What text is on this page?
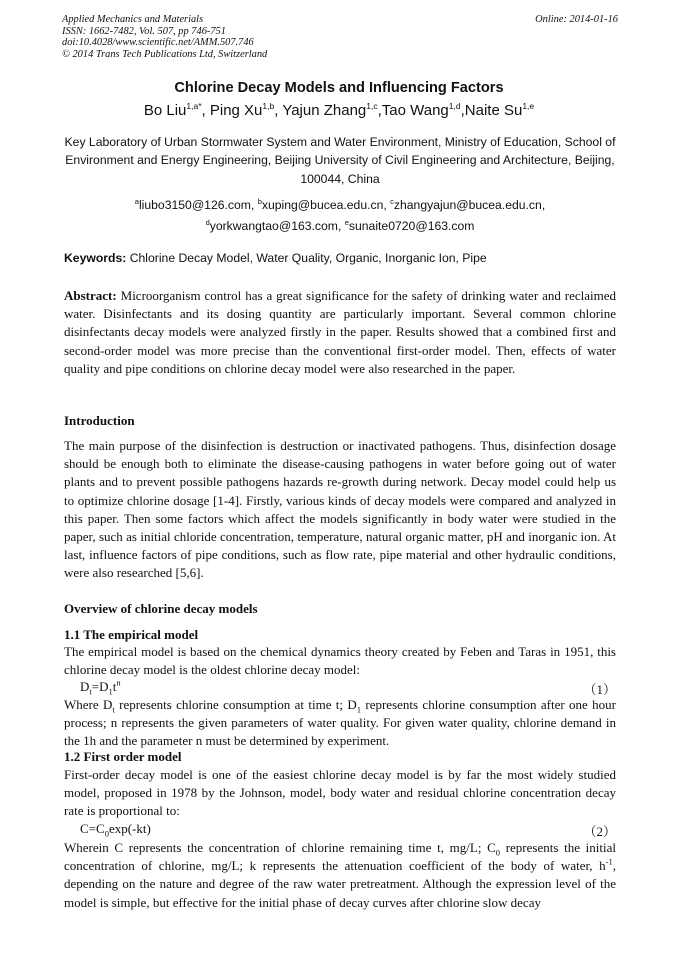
Applied Mechanics and Materials
ISSN: 1662-7482, Vol. 507, pp 746-751
doi:10.4028/www.scientific.net/AMM.507.746
© 2014 Trans Tech Publications Ltd, Switzerland
Online: 2014-01-16
Chlorine Decay Models and Influencing Factors
Bo Liu$^{1,a*}$, Ping Xu$^{1,b}$, Yajun Zhang$^{1,c}$,Tao Wang$^{1,d}$,Naite Su$^{1,e}$
Key Laboratory of Urban Stormwater System and Water Environment, Ministry of Education, School of Environment and Energy Engineering, Beijing University of Civil Engineering and Architecture, Beijing, 100044, China
$^a$liubo3150@126.com, $^b$xuping@bucea.edu.cn, $^c$zhangyajun@bucea.edu.cn,
$^d$yorkwangtao@163.com, $^e$sunaite0720@163.com
Keywords: Chlorine Decay Model, Water Quality, Organic, Inorganic Ion, Pipe
Abstract: Microorganism control has a great significance for the safety of drinking water and reclaimed water. Disinfectants and its dosing quantity are particularly important. Several common chlorine disinfectants decay models were analyzed firstly in the paper. Results showed that a combined first and second-order model was more precise than the conventional first-order model. Then, effects of water quality and pipe conditions on chlorine decay model were also researched in the paper.
Introduction
The main purpose of the disinfection is destruction or inactivated pathogens. Thus, disinfection dosage should be enough both to eliminate the disease-causing pathogens in water before going out of water plants and to prevent possible pathogens hazards re-growth during network. Decay model could help us to optimize chlorine dosage [1-4]. Firstly, various kinds of decay models were compared and analyzed in this paper. Then some factors which affect the models significantly in body water were studied in the paper, such as initial chloride concentration, temperature, natural organic matter, pH and inorganic ion. At last, influence factors of pipe conditions, such as flow rate, pipe material and other hydraulic conditions, were also researched [5,6].
Overview of chlorine decay models
1.1 The empirical model
The empirical model is based on the chemical dynamics theory created by Feben and Taras in 1951, this chlorine decay model is the oldest chlorine decay model:
$D_t=D_1t^n$	（1）
Where $D_t$ represents chlorine consumption at time t; $D_1$ represents chlorine consumption after one hour process; n represents the given parameters of water quality. For given water quality, chlorine demand in the 1h and the parameter n must be determined by experiment.
1.2 First order model
First-order decay model is one of the easiest chlorine decay model is by far the most widely studied model, proposed in 1978 by the Johnson, model, body water and residual chlorine concentration decay rate is proportional to:
$C=C_0\exp(-kt)$	（2）
Wherein C represents the concentration of chlorine remaining time t, mg/L; $C_0$ represents the initial concentration of chlorine, mg/L; k represents the attenuation coefficient of the body of water, $h^{-1}$, depending on the nature and degree of the raw water pretreatment. Although the expression level of the model is simple, but effective for the initial phase of decay curves after chlorine slow decay
